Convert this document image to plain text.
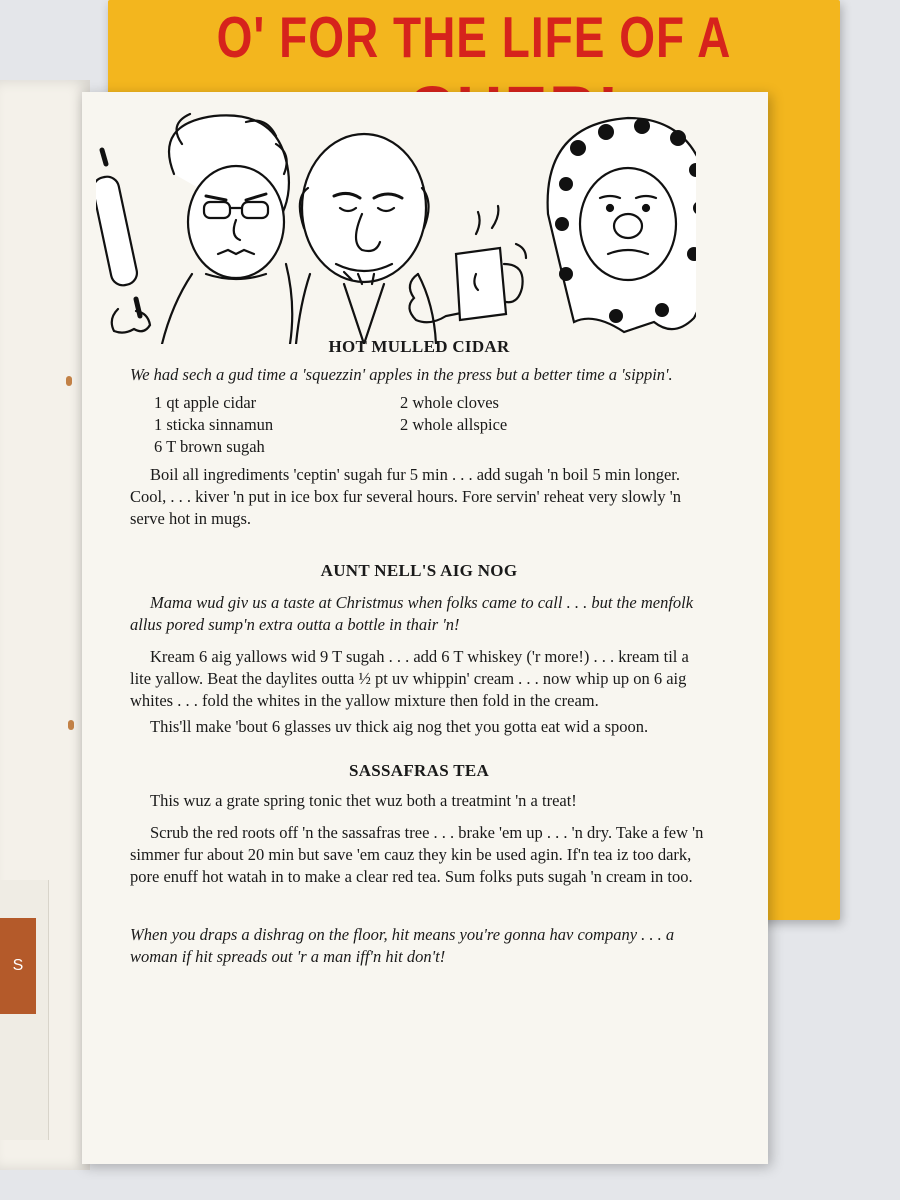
O' FOR THE LIFE OF A
S

HOT MULLED CIDAR

We had sech a gud time a 'squezzin' apples in the press but a better time a 'sippin'.

1 qt apple cidar
1 sticka sinnamun
6 T brown sugah
2 whole cloves
2 whole allspice

Boil all ingrediments 'ceptin' sugah fur 5 min . . . add sugah 'n boil 5 min longer. Cool, . . . kiver 'n put in ice box fur several hours. Fore servin' reheat very slowly 'n serve hot in mugs.

AUNT NELL'S AIG NOG

Mama wud giv us a taste at Christmus when folks came to call . . . but the menfolk allus pored sump'n extra outta a bottle in thair 'n!

Kream 6 aig yallows wid 9 T sugah . . . add 6 T whiskey ('r more!) . . . kream til a lite yallow. Beat the daylites outta ½ pt uv whippin' cream . . . now whip up on 6 aig whites . . . fold the whites in the yallow mixture then fold in the cream.

This'll make 'bout 6 glasses uv thick aig nog thet you gotta eat wid a spoon.

SASSAFRAS TEA

This wuz a grate spring tonic thet wuz both a treatmint 'n a treat!

Scrub the red roots off 'n the sassafras tree . . . brake 'em up . . . 'n dry. Take a few 'n simmer fur about 20 min but save 'em cauz they kin be used agin. If'n tea iz too dark, pore enuff hot watah in to make a clear red tea. Sum folks puts sugah 'n cream in too.

When you draps a dishrag on the floor, hit means you're gonna hav company . . . a woman if hit spreads out 'r a man iff'n hit don't!
